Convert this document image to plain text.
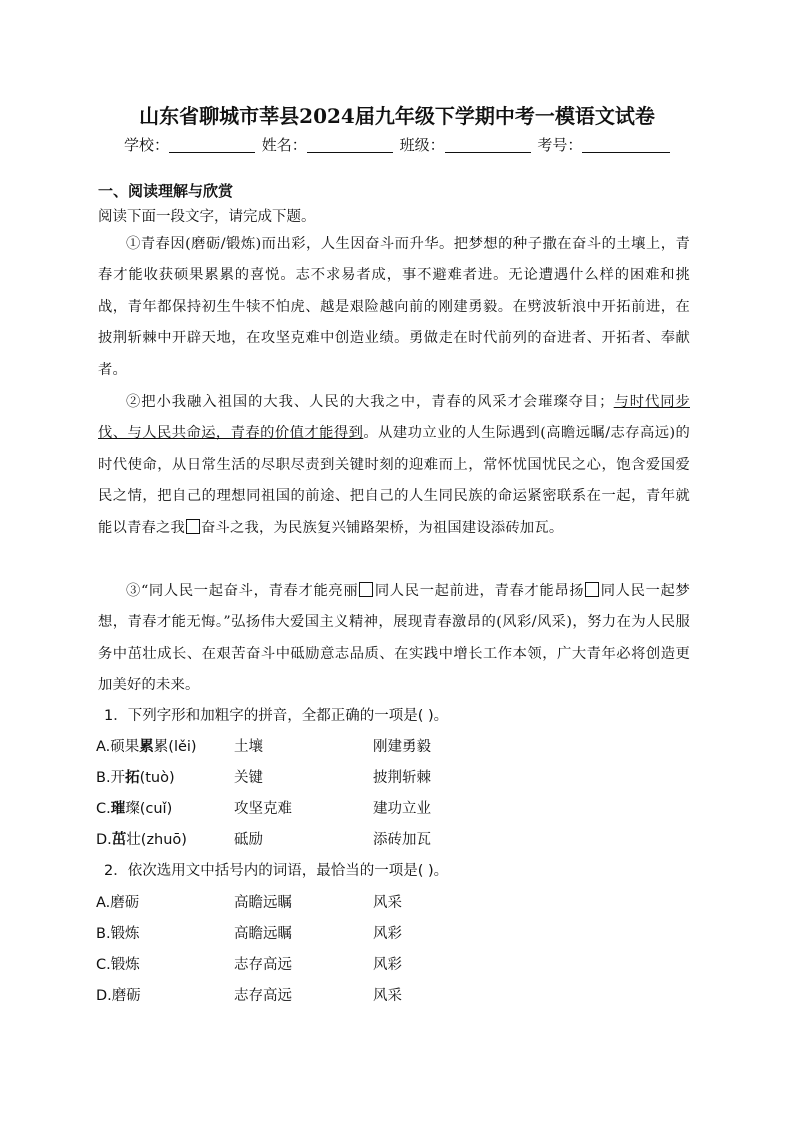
山东省聊城市莘县2024届九年级下学期中考一模语文试卷
学校：	姓名：	班级：	考号：
一、阅读理解与欣赏
阅读下面一段文字，请完成下题。
①青春因(磨砺/锻炼)而出彩，人生因奋斗而升华。把梦想的种子撒在奋斗的土壤上，青春才能收获硕果累累的喜悦。志不求易者成，事不避难者进。无论遭遇什么样的困难和挑战，青年都保持初生牛犊不怕虎、越是艰险越向前的刚建勇毅。在劈波斩浪中开拓前进，在披荆斩棘中开辟天地，在攻坚克难中创造业绩。勇做走在时代前列的奋进者、开拓者、奉献者。
②把小我融入祖国的大我、人民的大我之中，青春的风采才会璀璨夺目；与时代同步伐、与人民共命运，青春的价值才能得到。从建功立业的人生际遇到(高瞻远瞩/志存高远)的时代使命，从日常生活的尽职尽责到关键时刻的迎难而上，常怀忧国忧民之心，饱含爱国爱民之情，把自己的理想同祖国的前途、把自己的人生同民族的命运紧密联系在一起，青年就能以青春之我 奋斗之我，为民族复兴铺路架桥，为祖国建设添砖加瓦。
③“同人民一起奋斗，青春才能亮丽 同人民一起前进，青春才能昂扬 同人民一起梦想，青春才能无悔。”弘扬伟大爱国主义精神，展现青春激昂的(风彩/风采)，努力在为人民服务中茁壮成长、在艰苦奋斗中砥励意志品质、在实践中增长工作本领，广大青年必将创造更加美好的未来。
1．下列字形和加粗字的拼音，全都正确的一项是( )。
A.硕果累累(lěi)	土壤	刚建勇毅
B.开拓(tuò)	关键	披荆斩棘
C.璀璨(cuǐ)	攻坚克难	建功立业
D.茁壮(zhuō)	砥励	添砖加瓦
2．依次选用文中括号内的词语，最恰当的一项是( )。
A.磨砺	高瞻远瞩	风采
B.锻炼	高瞻远瞩	风彩
C.锻炼	志存高远	风彩
D.磨砺	志存高远	风采
